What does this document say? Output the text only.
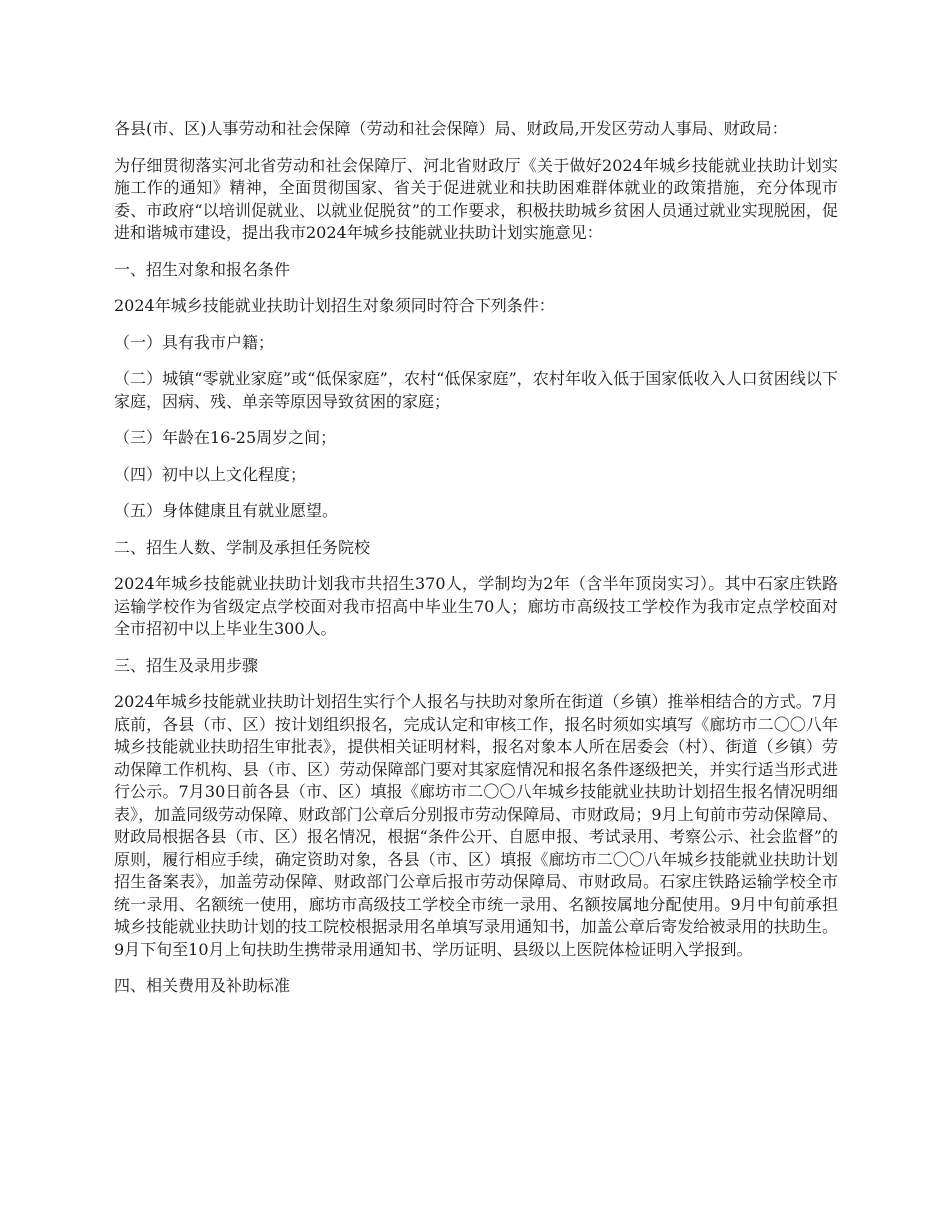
各县(市、区)人事劳动和社会保障（劳动和社会保障）局、财政局,开发区劳动人事局、财政局：

为仔细贯彻落实河北省劳动和社会保障厅、河北省财政厅《关于做好2024年城乡技能就业扶助计划实施工作的通知》精神，全面贯彻国家、省关于促进就业和扶助困难群体就业的政策措施，充分体现市委、市政府“以培训促就业、以就业促脱贫”的工作要求，积极扶助城乡贫困人员通过就业实现脱困，促进和谐城市建设，提出我市2024年城乡技能就业扶助计划实施意见：

一、招生对象和报名条件

2024年城乡技能就业扶助计划招生对象须同时符合下列条件：

（一）具有我市户籍；

（二）城镇“零就业家庭”或“低保家庭”，农村“低保家庭”，农村年收入低于国家低收入人口贫困线以下家庭，因病、残、单亲等原因导致贫困的家庭；

（三）年龄在16-25周岁之间；

（四）初中以上文化程度；

（五）身体健康且有就业愿望。

二、招生人数、学制及承担任务院校

2024年城乡技能就业扶助计划我市共招生370人，学制均为2年（含半年顶岗实习）。其中石家庄铁路运输学校作为省级定点学校面对我市招高中毕业生70人；廊坊市高级技工学校作为我市定点学校面对全市招初中以上毕业生300人。

三、招生及录用步骤

2024年城乡技能就业扶助计划招生实行个人报名与扶助对象所在街道（乡镇）推举相结合的方式。7月底前，各县（市、区）按计划组织报名，完成认定和审核工作，报名时须如实填写《廊坊市二〇〇八年城乡技能就业扶助招生审批表》，提供相关证明材料，报名对象本人所在居委会（村）、街道（乡镇）劳动保障工作机构、县（市、区）劳动保障部门要对其家庭情况和报名条件逐级把关，并实行适当形式进行公示。7月30日前各县（市、区）填报《廊坊市二〇〇八年城乡技能就业扶助计划招生报名情况明细表》，加盖同级劳动保障、财政部门公章后分别报市劳动保障局、市财政局；9月上旬前市劳动保障局、财政局根据各县（市、区）报名情况，根据“条件公开、自愿申报、考试录用、考察公示、社会监督”的原则，履行相应手续，确定资助对象，各县（市、区）填报《廊坊市二〇〇八年城乡技能就业扶助计划招生备案表》，加盖劳动保障、财政部门公章后报市劳动保障局、市财政局。石家庄铁路运输学校全市统一录用、名额统一使用，廊坊市高级技工学校全市统一录用、名额按属地分配使用。9月中旬前承担城乡技能就业扶助计划的技工院校根据录用名单填写录用通知书，加盖公章后寄发给被录用的扶助生。9月下旬至10月上旬扶助生携带录用通知书、学历证明、县级以上医院体检证明入学报到。

四、相关费用及补助标准
